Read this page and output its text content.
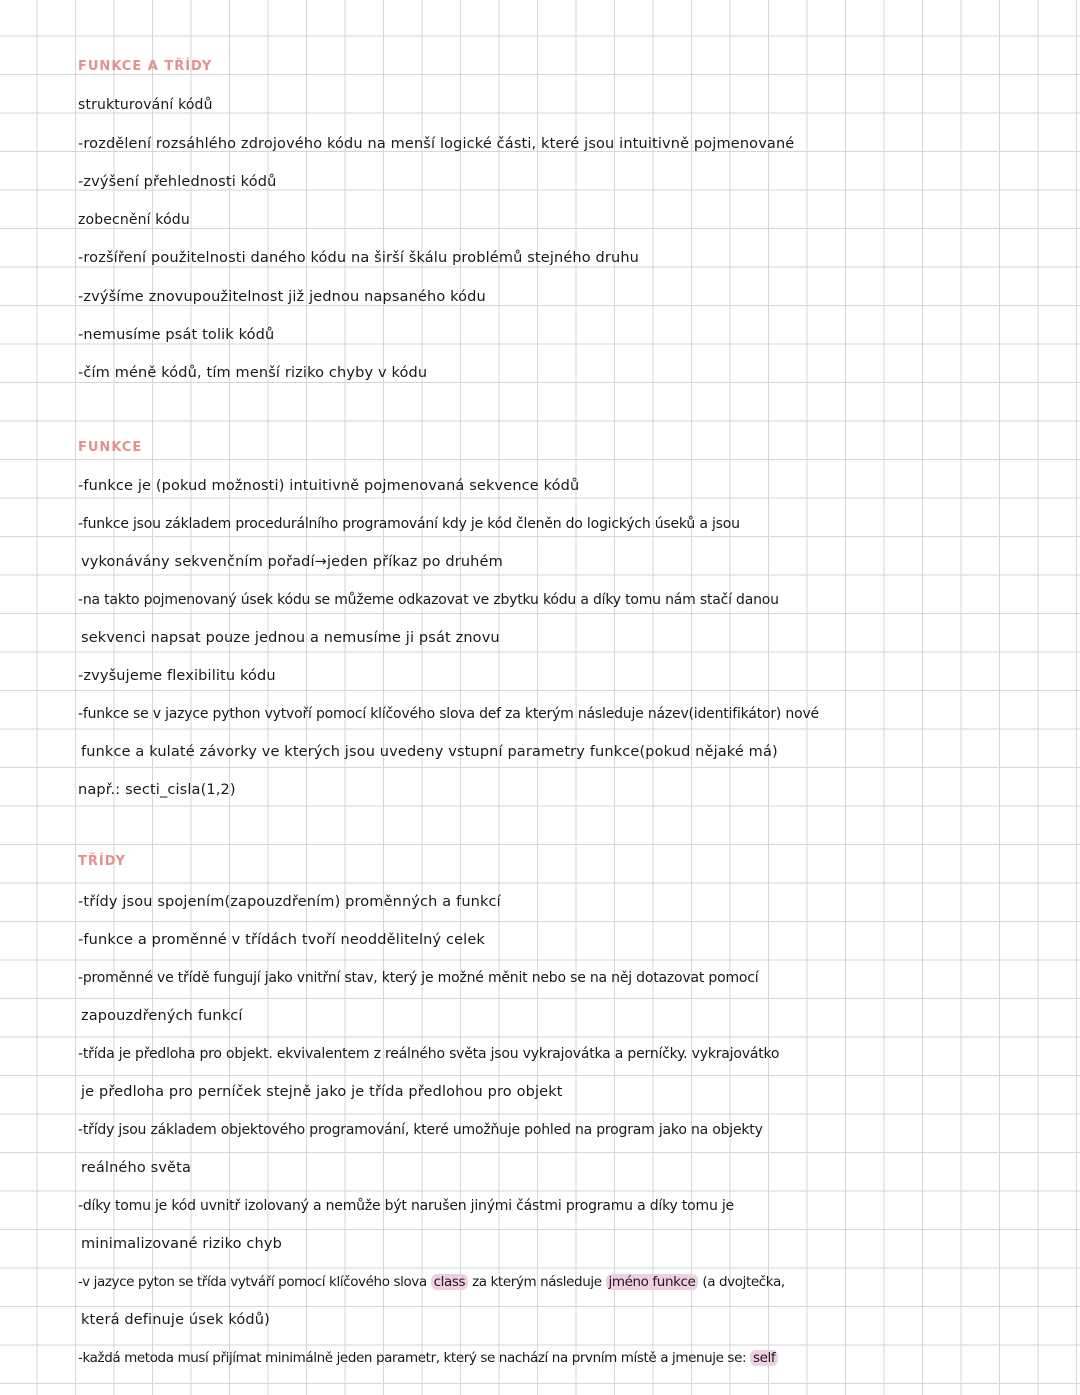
FUNKCE A TŘÍDY
strukturování kódů
-rozdělení rozsáhlého zdrojového kódu na menší logické části, které jsou intuitivně pojmenované
-zvýšení přehlednosti kódů
zobecnění kódu
-rozšíření použitelnosti daného kódu na širší škálu problémů stejného druhu
-zvýšíme znovupoužitelnost již jednou napsaného kódu
-nemusíme psát tolik kódů
-čím méně kódů, tím menší riziko chyby v kódu
FUNKCE
-funkce je (pokud možnosti) intuitivně pojmenovaná sekvence kódů
-funkce jsou základem procedurálního programování kdy je kód členěn do logických úseků a jsou
vykonávány sekvenčním pořadí→jeden příkaz po druhém
-na takto pojmenovaný úsek kódu se můžeme odkazovat ve zbytku kódu a díky tomu nám stačí danou
sekvenci napsat pouze jednou a nemusíme ji psát znovu
-zvyšujeme flexibilitu kódu
-funkce se v jazyce python vytvoří pomocí klíčového slova def za kterým následuje název(identifikátor) nové
funkce a kulaté závorky ve kterých jsou uvedeny vstupní parametry funkce(pokud nějaké má)
např.: secti_cisla(1,2)
TŘÍDY
-třídy jsou spojením(zapouzdřením) proměnných a funkcí
-funkce a proměnné v třídách tvoří neoddělitelný celek
-proměnné ve třídě fungují jako vnitřní stav, který je možné měnit nebo se na něj dotazovat pomocí
zapouzdřených funkcí
-třída je předloha pro objekt. ekvivalentem z reálného světa jsou vykrajovátka a perníčky. vykrajovátko
je předloha pro perníček stejně jako je třída předlohou pro objekt
-třídy jsou základem objektového programování, které umožňuje pohled na program jako na objekty
reálného světa
-díky tomu je kód uvnitř izolovaný a nemůže být narušen jinými částmi programu a díky tomu je
minimalizované riziko chyb
-v jazyce pyton se třída vytváří pomocí klíčového slova class za kterým následuje jméno funkce (a dvojtečka,
která definuje úsek kódů)
-každá metoda musí přijímat minimálně jeden parametr, který se nachází na prvním místě a jmenuje se: self
